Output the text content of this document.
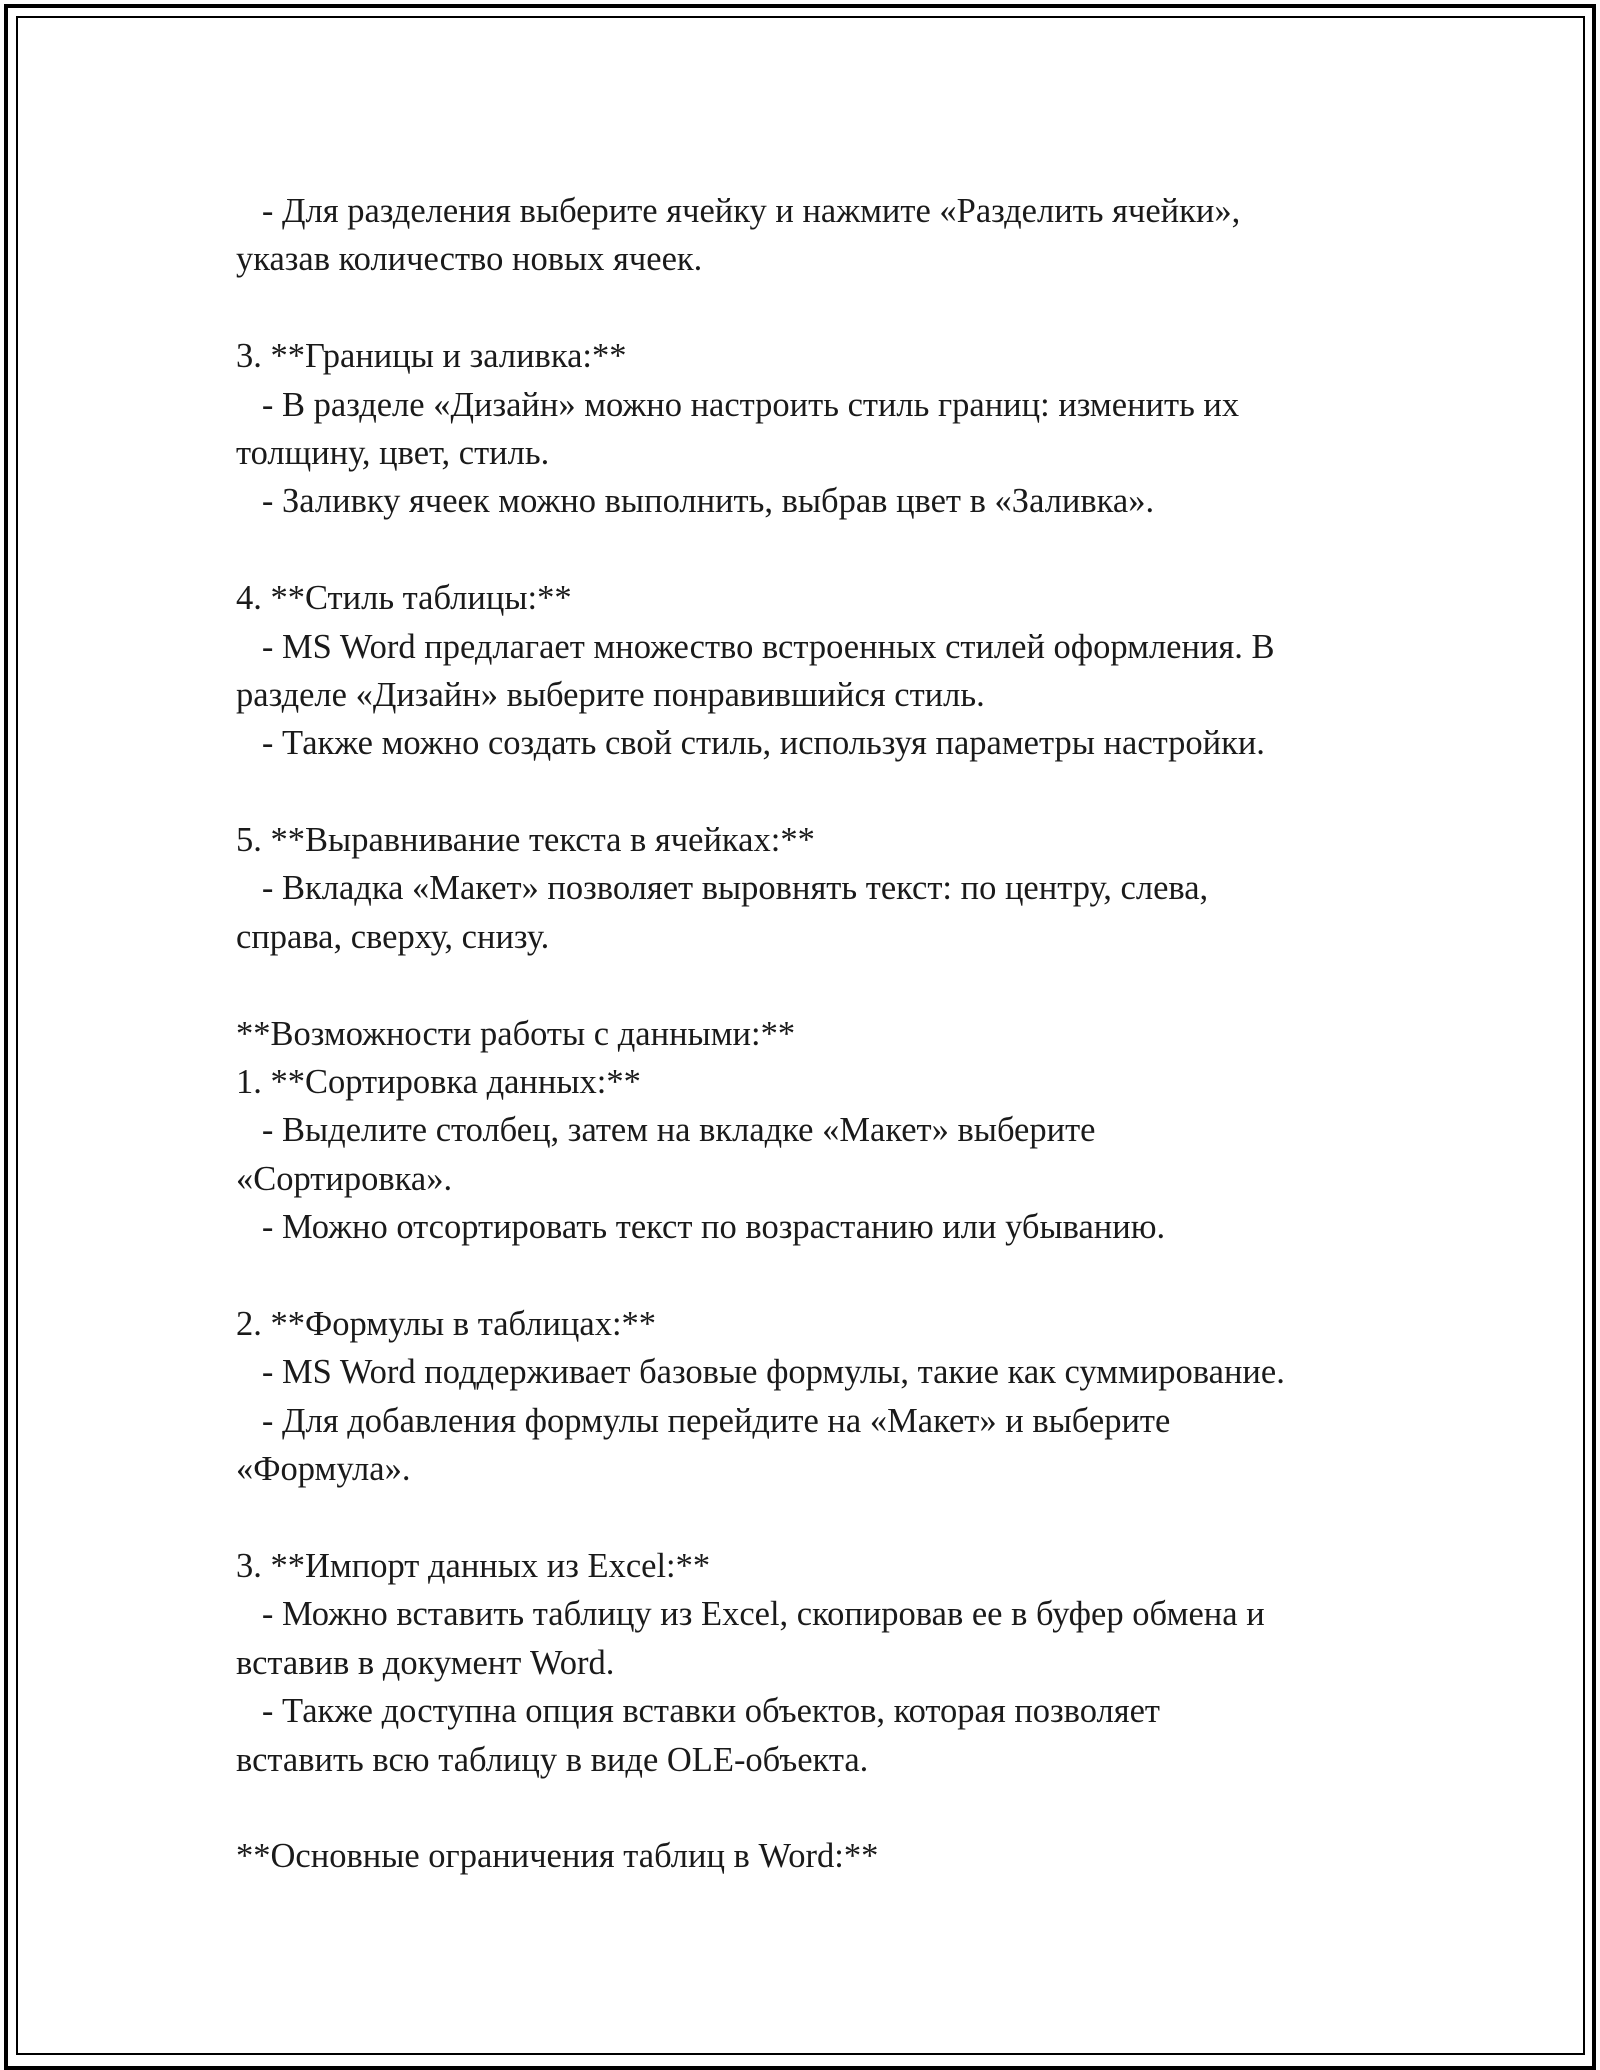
- Для разделения выберите ячейку и нажмите «Разделить ячейки»,
указав количество новых ячеек.
3. **Границы и заливка:**
- В разделе «Дизайн» можно настроить стиль границ: изменить их
толщину, цвет, стиль.
- Заливку ячеек можно выполнить, выбрав цвет в «Заливка».
4. **Стиль таблицы:**
- MS Word предлагает множество встроенных стилей оформления. В
разделе «Дизайн» выберите понравившийся стиль.
- Также можно создать свой стиль, используя параметры настройки.
5. **Выравнивание текста в ячейках:**
- Вкладка «Макет» позволяет выровнять текст: по центру, слева,
справа, сверху, снизу.
**Возможности работы с данными:**
1. **Сортировка данных:**
- Выделите столбец, затем на вкладке «Макет» выберите
«Сортировка».
- Можно отсортировать текст по возрастанию или убыванию.
2. **Формулы в таблицах:**
- MS Word поддерживает базовые формулы, такие как суммирование.
- Для добавления формулы перейдите на «Макет» и выберите
«Формула».
3. **Импорт данных из Excel:**
- Можно вставить таблицу из Excel, скопировав ее в буфер обмена и
вставив в документ Word.
- Также доступна опция вставки объектов, которая позволяет
вставить всю таблицу в виде OLE-объекта.
**Основные ограничения таблиц в Word:**
